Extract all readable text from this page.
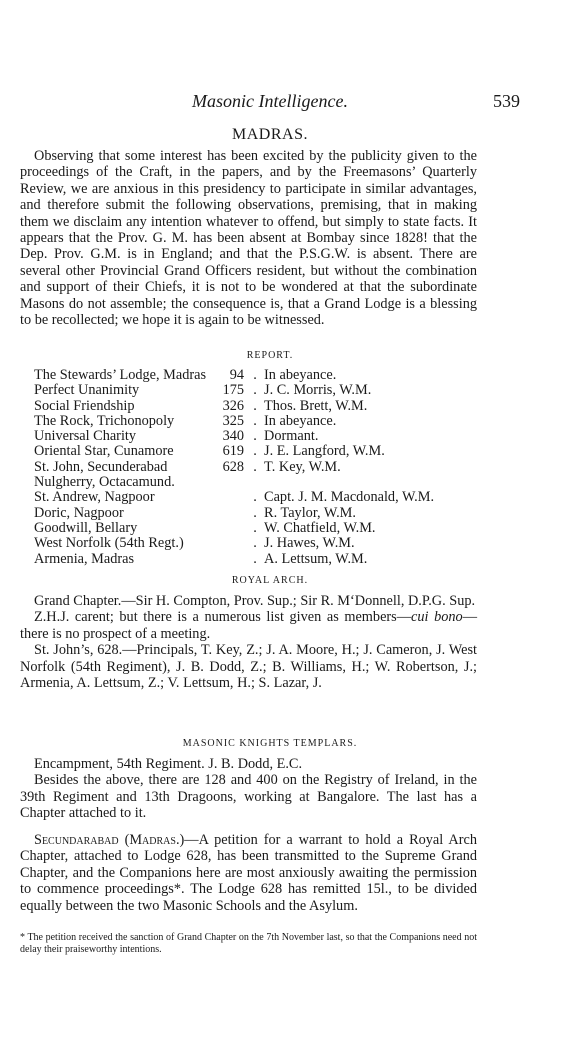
Masonic Intelligence.	539
MADRAS.

Observing that some interest has been excited by the publicity given to the proceedings of the Craft, in the papers, and by the Freemasons’ Quarterly Review, we are anxious in this presidency to participate in similar advantages, and therefore submit the following observations, premising, that in making them we disclaim any intention whatever to offend, but simply to state facts. It appears that the Prov. G. M. has been absent at Bombay since 1828! that the Dep. Prov. G.M. is in England; and that the P.S.G.W. is absent. There are several other Provincial Grand Officers resident, but without the combination and support of their Chiefs, it is not to be wondered at that the subordinate Masons do not assemble; the consequence is, that a Grand Lodge is a blessing to be recollected; we hope it is again to be witnessed.

REPORT.
The Stewards’ Lodge, Madras	94	.	In abeyance.
Perfect Unanimity	175	.	J. C. Morris, W.M.
Social Friendship	326	.	Thos. Brett, W.M.
The Rock, Trichonopoly	325	.	In abeyance.
Universal Charity	340	.	Dormant.
Oriental Star, Cunamore	619	.	J. E. Langford, W.M.
St. John, Secunderabad	628	.	T. Key, W.M.
Nulgherry, Octacamund.			
St. Andrew, Nagpoor		.	Capt. J. M. Macdonald, W.M.
Doric, Nagpoor		.	R. Taylor, W.M.
Goodwill, Bellary		.	W. Chatfield, W.M.
West Norfolk (54th Regt.)		.	J. Hawes, W.M.
Armenia, Madras		.	A. Lettsum, W.M.
ROYAL ARCH.

Grand Chapter.—Sir H. Compton, Prov. Sup.; Sir R. M‘Donnell, D.P.G. Sup.

Z.H.J. carent; but there is a numerous list given as members—cui bono—there is no prospect of a meeting.

St. John’s, 628.—Principals, T. Key, Z.; J. A. Moore, H.; J. Cameron, J. West Norfolk (54th Regiment), J. B. Dodd, Z.; B. Williams, H.; W. Robertson, J.; Armenia, A. Lettsum, Z.; V. Lettsum, H.; S. Lazar, J.

MASONIC KNIGHTS TEMPLARS.

Encampment, 54th Regiment. J. B. Dodd, E.C.

Besides the above, there are 128 and 400 on the Registry of Ireland, in the 39th Regiment and 13th Dragoons, working at Bangalore. The last has a Chapter attached to it.

Secundarabad (Madras.)—A petition for a warrant to hold a Royal Arch Chapter, attached to Lodge 628, has been transmitted to the Supreme Grand Chapter, and the Companions here are most anxiously awaiting the permission to commence proceedings*. The Lodge 628 has remitted 15l., to be divided equally between the two Masonic Schools and the Asylum.

* The petition received the sanction of Grand Chapter on the 7th November last, so that the Companions need not delay their praiseworthy intentions.
